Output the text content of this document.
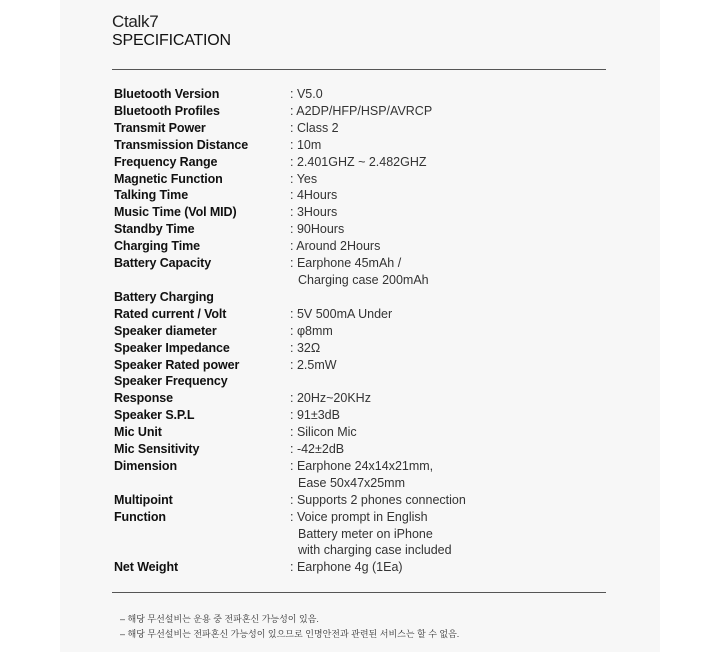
Ctalk7
SPECIFICATION
Bluetooth Version	: V5.0
Bluetooth Profiles	: A2DP/HFP/HSP/AVRCP
Transmit Power	: Class 2
Transmission Distance	: 10m
Frequency Range	: 2.401GHZ ~ 2.482GHZ
Magnetic Function	: Yes
Talking Time	: 4Hours
Music Time (Vol MID)	: 3Hours
Standby Time	: 90Hours
Charging Time	: Around 2Hours
Battery Capacity	: Earphone 45mAh /
Charging case 200mAh
Battery Charging
Rated current / Volt	: 5V 500mA Under
Speaker diameter	: φ8mm
Speaker Impedance	: 32Ω
Speaker Rated power	: 2.5mW
Speaker Frequency
Response	: 20Hz~20KHz
Speaker S.P.L	: 91±3dB
Mic Unit	: Silicon Mic
Mic Sensitivity	: -42±2dB
Dimension	: Earphone 24x14x21mm,
Ease 50x47x25mm
Multipoint	: Supports 2 phones connection
Function	: Voice prompt in English
Battery meter on iPhone
with charging case included
Net Weight	: Earphone 4g (1Ea)
– 해당 무선설비는 운용 중 전파혼신 가능성이 있음.
– 해당 무선설비는 전파혼신 가능성이 있으므로 인명안전과 관련된 서비스는 할 수 없음.
